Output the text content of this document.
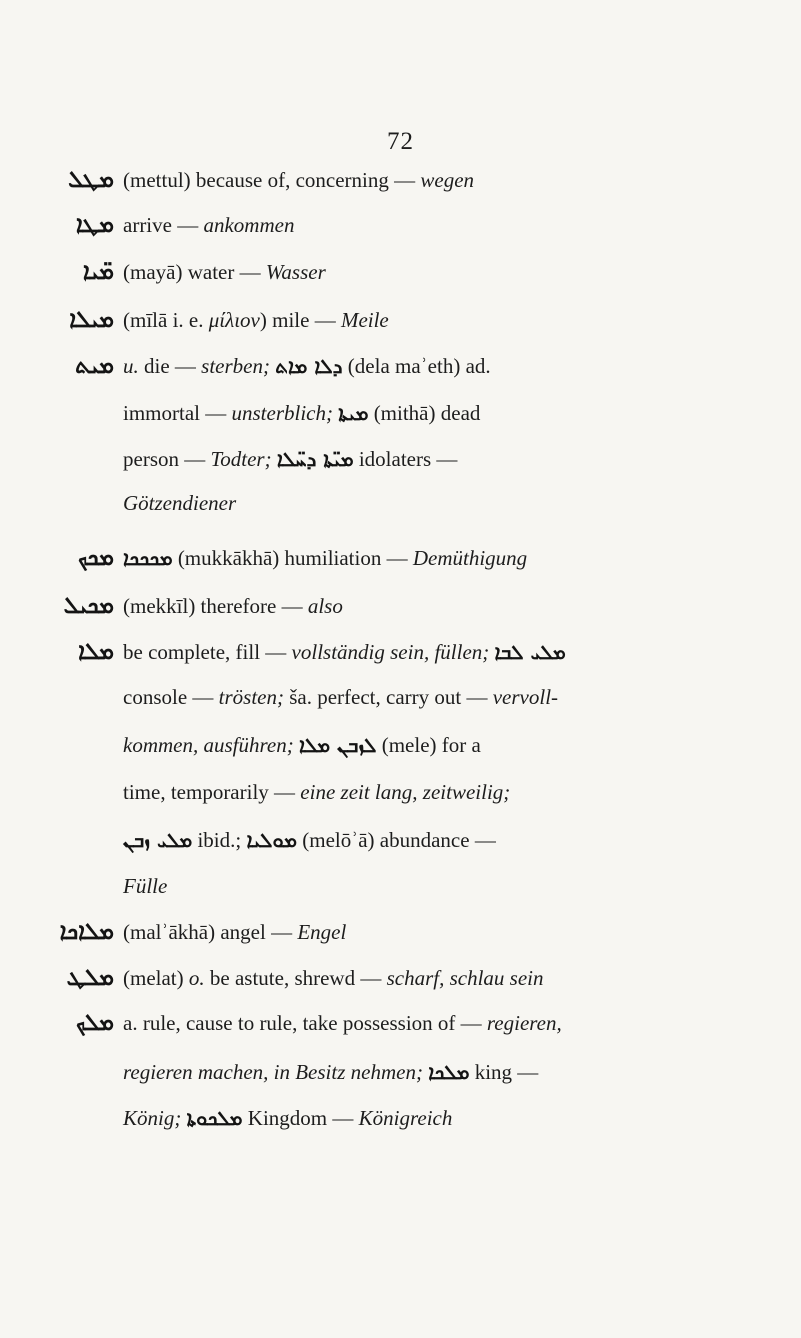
72
ܡܛܠ (mettul) because of, concerning — wegen
ܡܛܐ arrive — ankommen
ܡ̈ܝܐ (mayā) water — Wasser
ܡܝܠܐ (mīlā i. e. μίλιον) mile — Meile
ܡܝܬ u. die — sterben; ܕܠܐ ܡܐܬ (dela maʾeth) ad.
immortal — unsterblich; ܡܝܬܐ (mithā) dead
person — Todter; ܡܝ̈ܬܐ ܕܚ̈ܠܐ idolaters —
Götzendiener
ܡܟܟ ܡܟܟܟܐ (mukkākhā) humiliation — Demüthigung
ܡܟܝܠ (mekkīl) therefore — also
ܡܠܐ be complete, fill — vollständig sein, füllen; ܡܠܝ ܠܒܐ
console — trösten; ša. perfect, carry out — vervoll-
kommen, ausführen; ܠܙܒܢ ܡܠܐ (mele) for a
time, temporarily — eine zeit lang, zeitweilig;
ܡܠܝ ܙܒܢ ibid.; ܡܘܠܝܐ (melōʾā) abundance —
Fülle
ܡܠܐܟܐ (malʾākhā) angel — Engel
ܡܠܛ (melat) o. be astute, shrewd — scharf, schlau sein
ܡܠܟ a. rule, cause to rule, take possession of — regieren,
regieren machen, in Besitz nehmen; ܡܠܟܐ king —
König; ܡܠܟܘܬܐ Kingdom — Königreich
